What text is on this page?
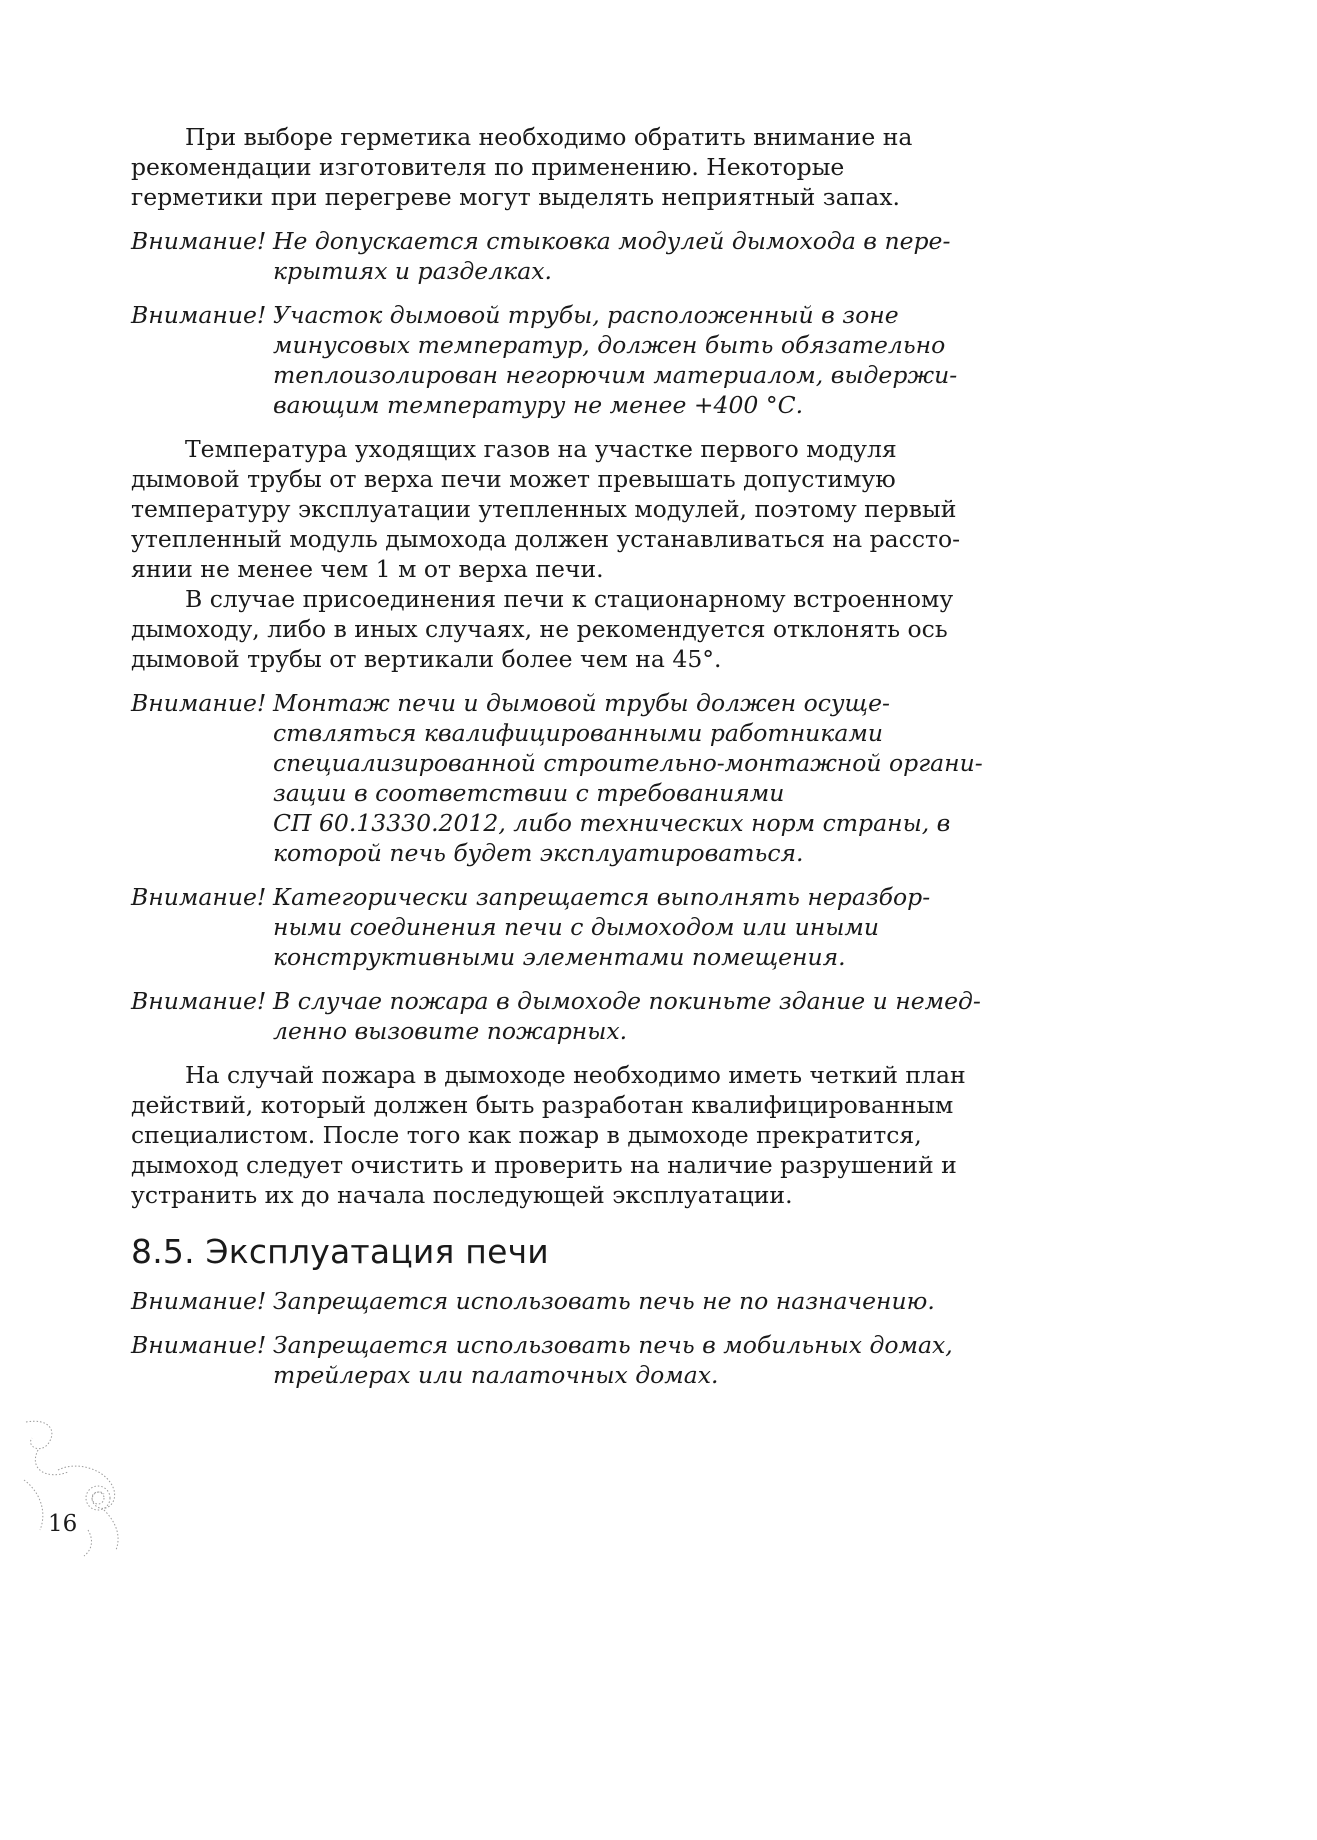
При выборе герметика необходимо обратить внимание на
рекомендации изготовителя по применению. Некоторые
герметики при перегреве могут выделять неприятный запах.
Внимание! Не допускается стыковка модулей дымохода в пере-
крытиях и разделках.
Внимание! Участок дымовой трубы, расположенный в зоне
минусовых температур, должен быть обязательно
теплоизолирован негорючим материалом, выдержи-
вающим температуру не менее +400 °С.
Температура уходящих газов на участке первого модуля
дымовой трубы от верха печи может превышать допустимую
температуру эксплуатации утепленных модулей, поэтому первый
утепленный модуль дымохода должен устанавливаться на рассто-
янии не менее чем 1 м от верха печи.
В случае присоединения печи к стационарному встроенному
дымоходу, либо в иных случаях, не рекомендуется отклонять ось
дымовой трубы от вертикали более чем на 45°.
Внимание! Монтаж печи и дымовой трубы должен осуще-
ствляться квалифицированными работниками
специализированной строительно-монтажной органи-
зации в соответствии с требованиями
СП 60.13330.2012, либо технических норм страны, в
которой печь будет эксплуатироваться.
Внимание! Категорически запрещается выполнять неразбор-
ными соединения печи с дымоходом или иными
конструктивными элементами помещения.
Внимание! В случае пожара в дымоходе покиньте здание и немед-
ленно вызовите пожарных.
На случай пожара в дымоходе необходимо иметь четкий план
действий, который должен быть разработан квалифицированным
специалистом. После того как пожар в дымоходе прекратится,
дымоход следует очистить и проверить на наличие разрушений и
устранить их до начала последующей эксплуатации.
8.5. Эксплуатация печи
Внимание! Запрещается использовать печь не по назначению.
Внимание! Запрещается использовать печь в мобильных домах,
трейлерах или палаточных домах.
16
